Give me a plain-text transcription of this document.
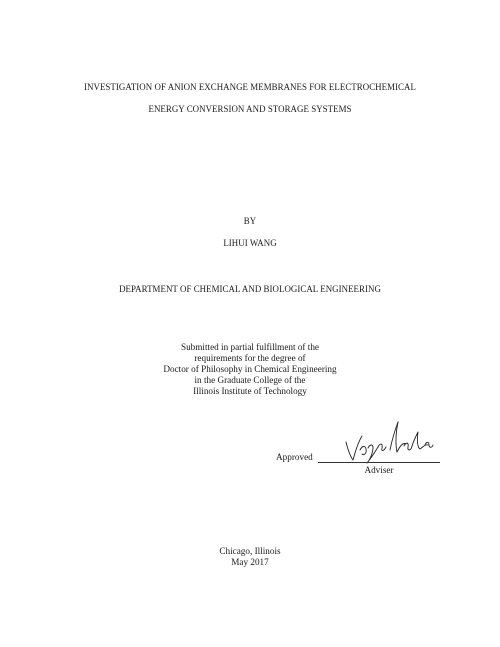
INVESTIGATION OF ANION EXCHANGE MEMBRANES FOR ELECTROCHEMICAL
ENERGY CONVERSION AND STORAGE SYSTEMS
BY
LIHUI WANG
DEPARTMENT OF CHEMICAL AND BIOLOGICAL ENGINEERING
Submitted in partial fulfillment of the
requirements for the degree of
Doctor of Philosophy in Chemical Engineering
in the Graduate College of the
Illinois Institute of Technology
Approved
Adviser
Chicago, Illinois
May 2017
